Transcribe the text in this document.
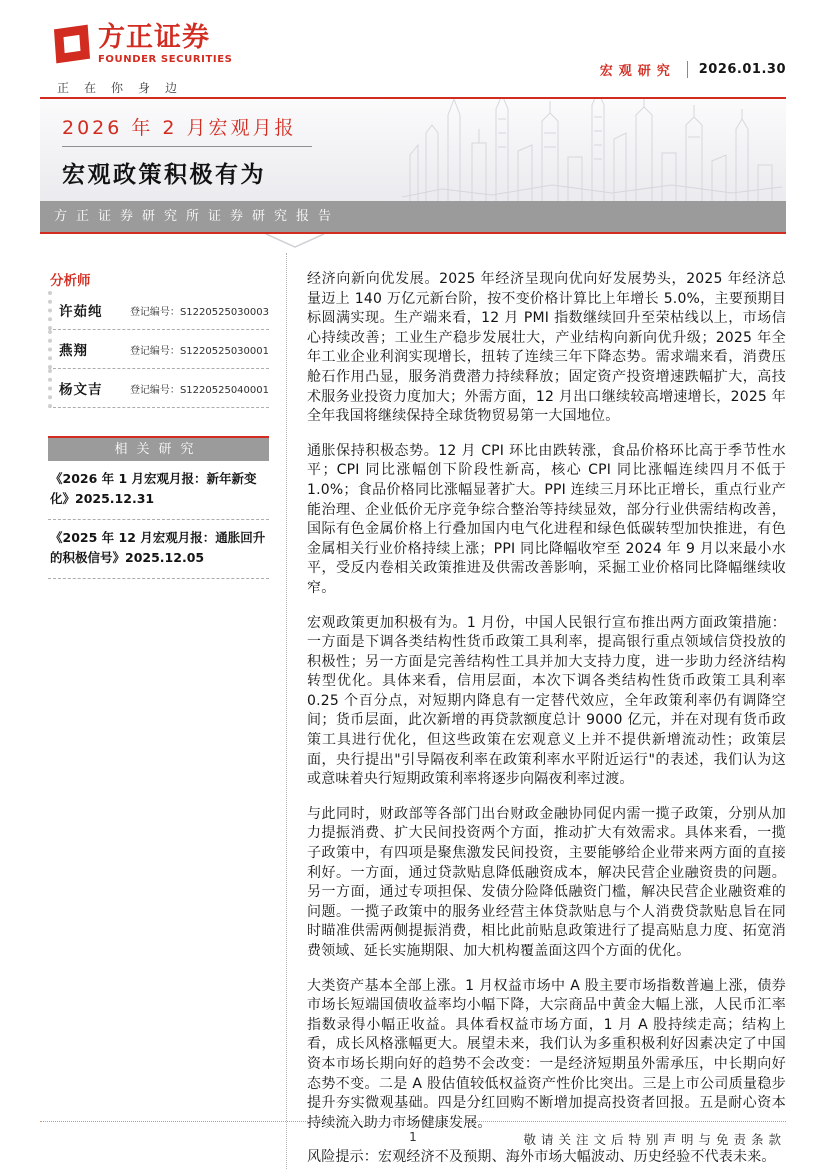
方正证券
FOUNDER SECURITIES
正在你身边
宏观研究 2026.01.30
2026 年 2 月宏观月报
宏观政策积极有为
方正证券研究所证券研究报告
分析师
许茹纯	登记编号：S1220525030003
燕翔	登记编号：S1220525030001
杨文吉	登记编号：S1220525040001
相关研究
《2026 年 1 月宏观月报：新年新变化》2025.12.31
《2025 年 12 月宏观月报：通胀回升的积极信号》2025.12.05

经济向新向优发展。2025 年经济呈现向优向好发展势头，2025 年经济总量迈上 140 万亿元新台阶，按不变价格计算比上年增长 5.0%，主要预期目标圆满实现。生产端来看，12 月 PMI 指数继续回升至荣枯线以上，市场信心持续改善；工业生产稳步发展壮大，产业结构向新向优升级；2025 年全年工业企业利润实现增长，扭转了连续三年下降态势。需求端来看，消费压舱石作用凸显，服务消费潜力持续释放；固定资产投资增速跌幅扩大，高技术服务业投资力度加大；外需方面，12 月出口继续较高增速增长，2025 年全年我国将继续保持全球货物贸易第一大国地位。

通胀保持积极态势。12 月 CPI 环比由跌转涨，食品价格环比高于季节性水平；CPI 同比涨幅创下阶段性新高，核心 CPI 同比涨幅连续四月不低于 1.0%；食品价格同比涨幅显著扩大。PPI 连续三月环比正增长，重点行业产能治理、企业低价无序竞争综合整治等持续显效，部分行业供需结构改善，国际有色金属价格上行叠加国内电气化进程和绿色低碳转型加快推进，有色金属相关行业价格持续上涨；PPI 同比降幅收窄至 2024 年 9 月以来最小水平，受反内卷相关政策推进及供需改善影响，采掘工业价格同比降幅继续收窄。

宏观政策更加积极有为。1 月份，中国人民银行宣布推出两方面政策措施：一方面是下调各类结构性货币政策工具利率，提高银行重点领域信贷投放的积极性；另一方面是完善结构性工具并加大支持力度，进一步助力经济结构转型优化。具体来看，信用层面，本次下调各类结构性货币政策工具利率 0.25 个百分点，对短期内降息有一定替代效应，全年政策利率仍有调降空间；货币层面，此次新增的再贷款额度总计 9000 亿元，并在对现有货币政策工具进行优化，但这些政策在宏观意义上并不提供新增流动性；政策层面，央行提出"引导隔夜利率在政策利率水平附近运行"的表述，我们认为这或意味着央行短期政策利率将逐步向隔夜利率过渡。

与此同时，财政部等各部门出台财政金融协同促内需一揽子政策，分别从加力提振消费、扩大民间投资两个方面，推动扩大有效需求。具体来看，一揽子政策中，有四项是聚焦激发民间投资，主要能够给企业带来两方面的直接利好。一方面，通过贷款贴息降低融资成本，解决民营企业融资贵的问题。另一方面，通过专项担保、发债分险降低融资门槛，解决民营企业融资难的问题。一揽子政策中的服务业经营主体贷款贴息与个人消费贷款贴息旨在同时瞄准供需两侧提振消费，相比此前贴息政策进行了提高贴息力度、拓宽消费领域、延长实施期限、加大机构覆盖面这四个方面的优化。

大类资产基本全部上涨。1 月权益市场中 A 股主要市场指数普遍上涨，债券市场长短端国债收益率均小幅下降，大宗商品中黄金大幅上涨，人民币汇率指数录得小幅正收益。具体看权益市场方面，1 月 A 股持续走高；结构上看，成长风格涨幅更大。展望未来，我们认为多重积极利好因素决定了中国资本市场长期向好的趋势不会改变：一是经济短期虽外需承压，中长期向好态势不变。二是 A 股估值较低权益资产性价比突出。三是上市公司质量稳步提升夯实微观基础。四是分红回购不断增加提高投资者回报。五是耐心资本持续流入助力市场健康发展。

风险提示：宏观经济不及预期、海外市场大幅波动、历史经验不代表未来。

1	敬请关注文后特别声明与免责条款
